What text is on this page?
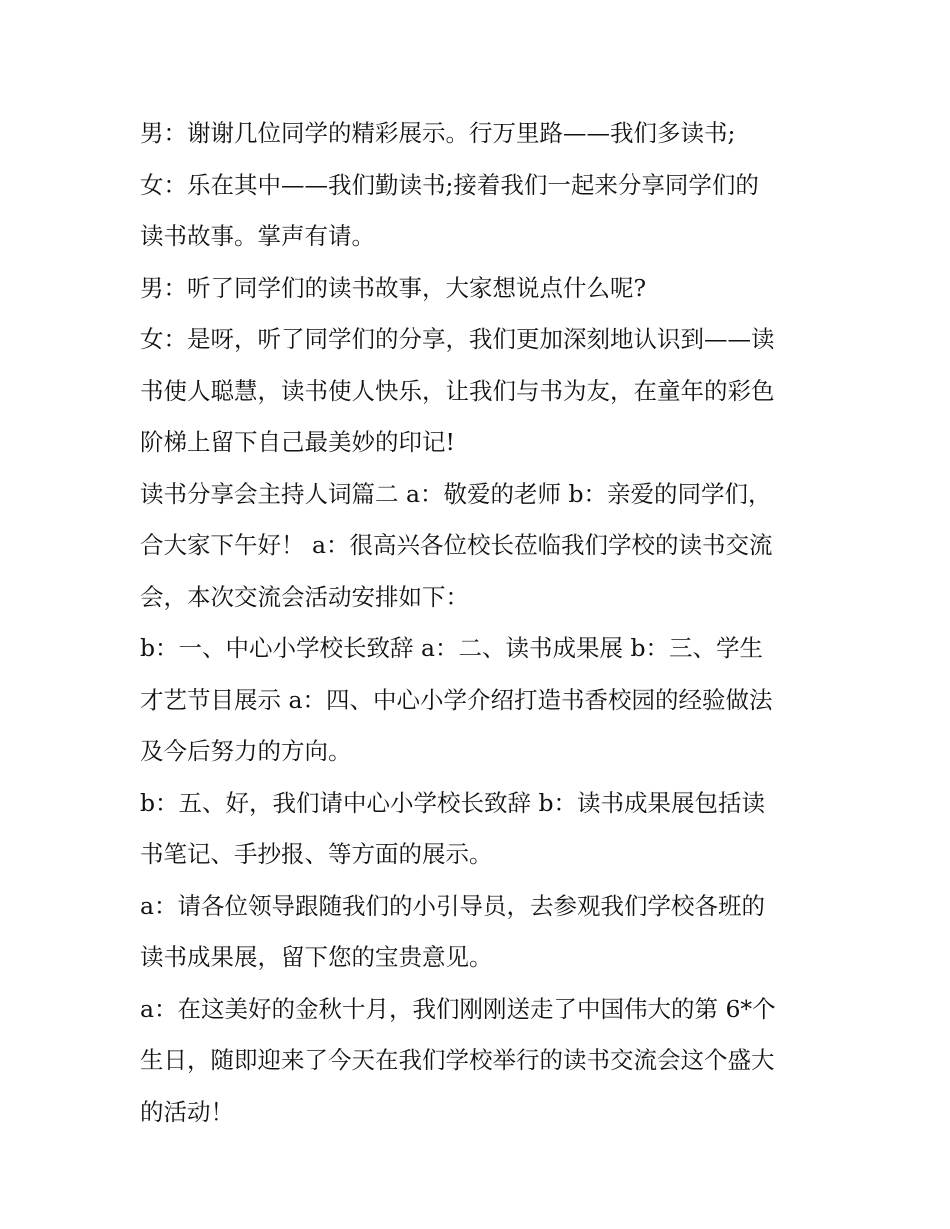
男：谢谢几位同学的精彩展示。行万里路——我们多读书;
女：乐在其中——我们勤读书;接着我们一起来分享同学们的
读书故事。掌声有请。
男：听了同学们的读书故事，大家想说点什么呢?
女：是呀，听了同学们的分享，我们更加深刻地认识到——读
书使人聪慧，读书使人快乐，让我们与书为友，在童年的彩色
阶梯上留下自己最美妙的印记!
读书分享会主持人词篇二 a：敬爱的老师 b：亲爱的同学们，
合大家下午好！ a：很高兴各位校长莅临我们学校的读书交流
会，本次交流会活动安排如下：
b：一、中心小学校长致辞 a：二、读书成果展 b：三、学生
才艺节目展示 a：四、中心小学介绍打造书香校园的经验做法
及今后努力的方向。
b：五、好，我们请中心小学校长致辞 b：读书成果展包括读
书笔记、手抄报、等方面的展示。
a：请各位领导跟随我们的小引导员，去参观我们学校各班的
读书成果展，留下您的宝贵意见。
a：在这美好的金秋十月，我们刚刚送走了中国伟大的第 6*个
生日，随即迎来了今天在我们学校举行的读书交流会这个盛大
的活动！
